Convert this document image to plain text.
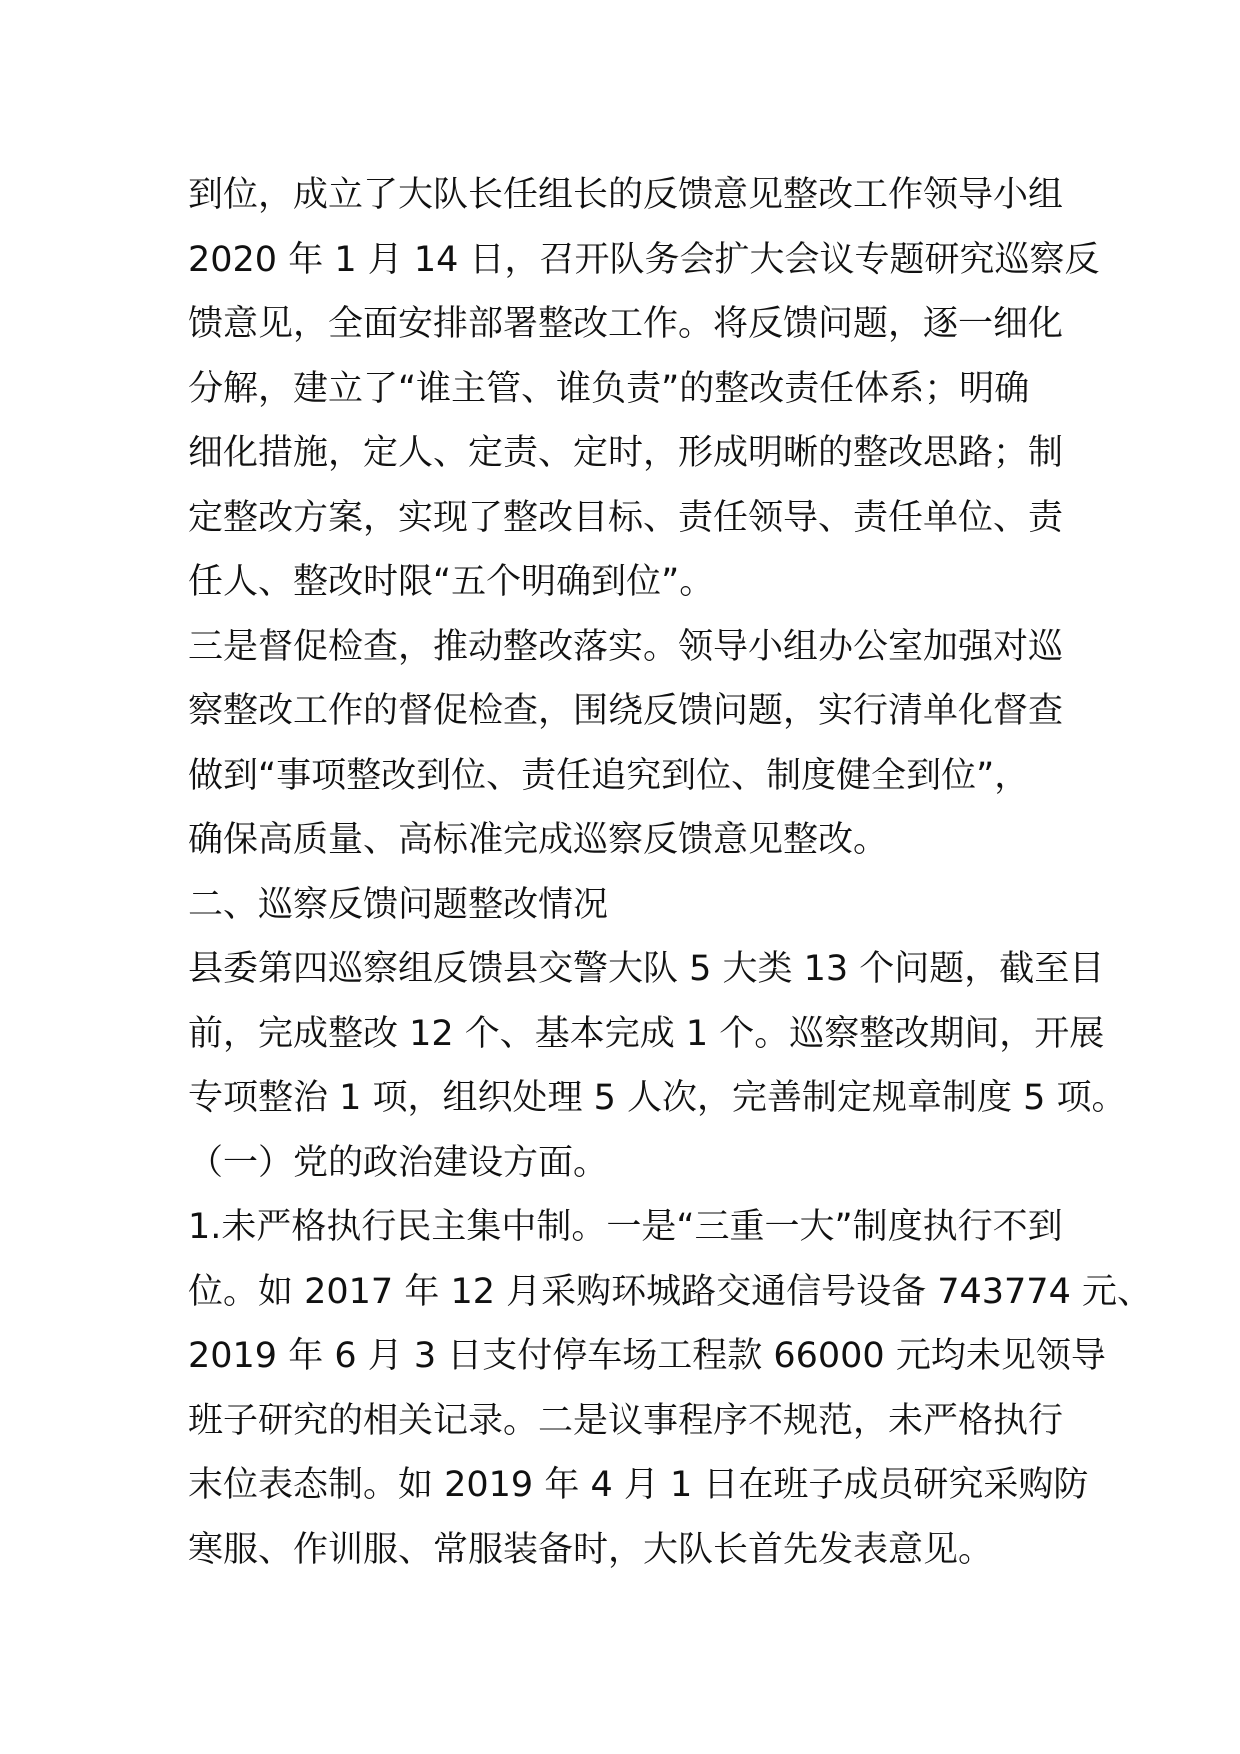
到位，成立了大队长任组长的反馈意见整改工作领导小组
2020 年 1 月 14 日，召开队务会扩大会议专题研究巡察反
馈意见，全面安排部署整改工作。将反馈问题，逐一细化
分解，建立了“谁主管、谁负责”的整改责任体系；明确
细化措施，定人、定责、定时，形成明晰的整改思路；制
定整改方案，实现了整改目标、责任领导、责任单位、责
任人、整改时限“五个明确到位”。
三是督促检查，推动整改落实。领导小组办公室加强对巡
察整改工作的督促检查，围绕反馈问题，实行清单化督查
做到“事项整改到位、责任追究到位、制度健全到位”，
确保高质量、高标准完成巡察反馈意见整改。
二、巡察反馈问题整改情况
县委第四巡察组反馈县交警大队 5 大类 13 个问题，截至目
前，完成整改 12 个、基本完成 1 个。巡察整改期间，开展
专项整治 1 项，组织处理 5 人次，完善制定规章制度 5 项。
（一）党的政治建设方面。
1.未严格执行民主集中制。一是“三重一大”制度执行不到
位。如 2017 年 12 月采购环城路交通信号设备 743774 元、
2019 年 6 月 3 日支付停车场工程款 66000 元均未见领导
班子研究的相关记录。二是议事程序不规范，未严格执行
末位表态制。如 2019 年 4 月 1 日在班子成员研究采购防
寒服、作训服、常服装备时，大队长首先发表意见。
